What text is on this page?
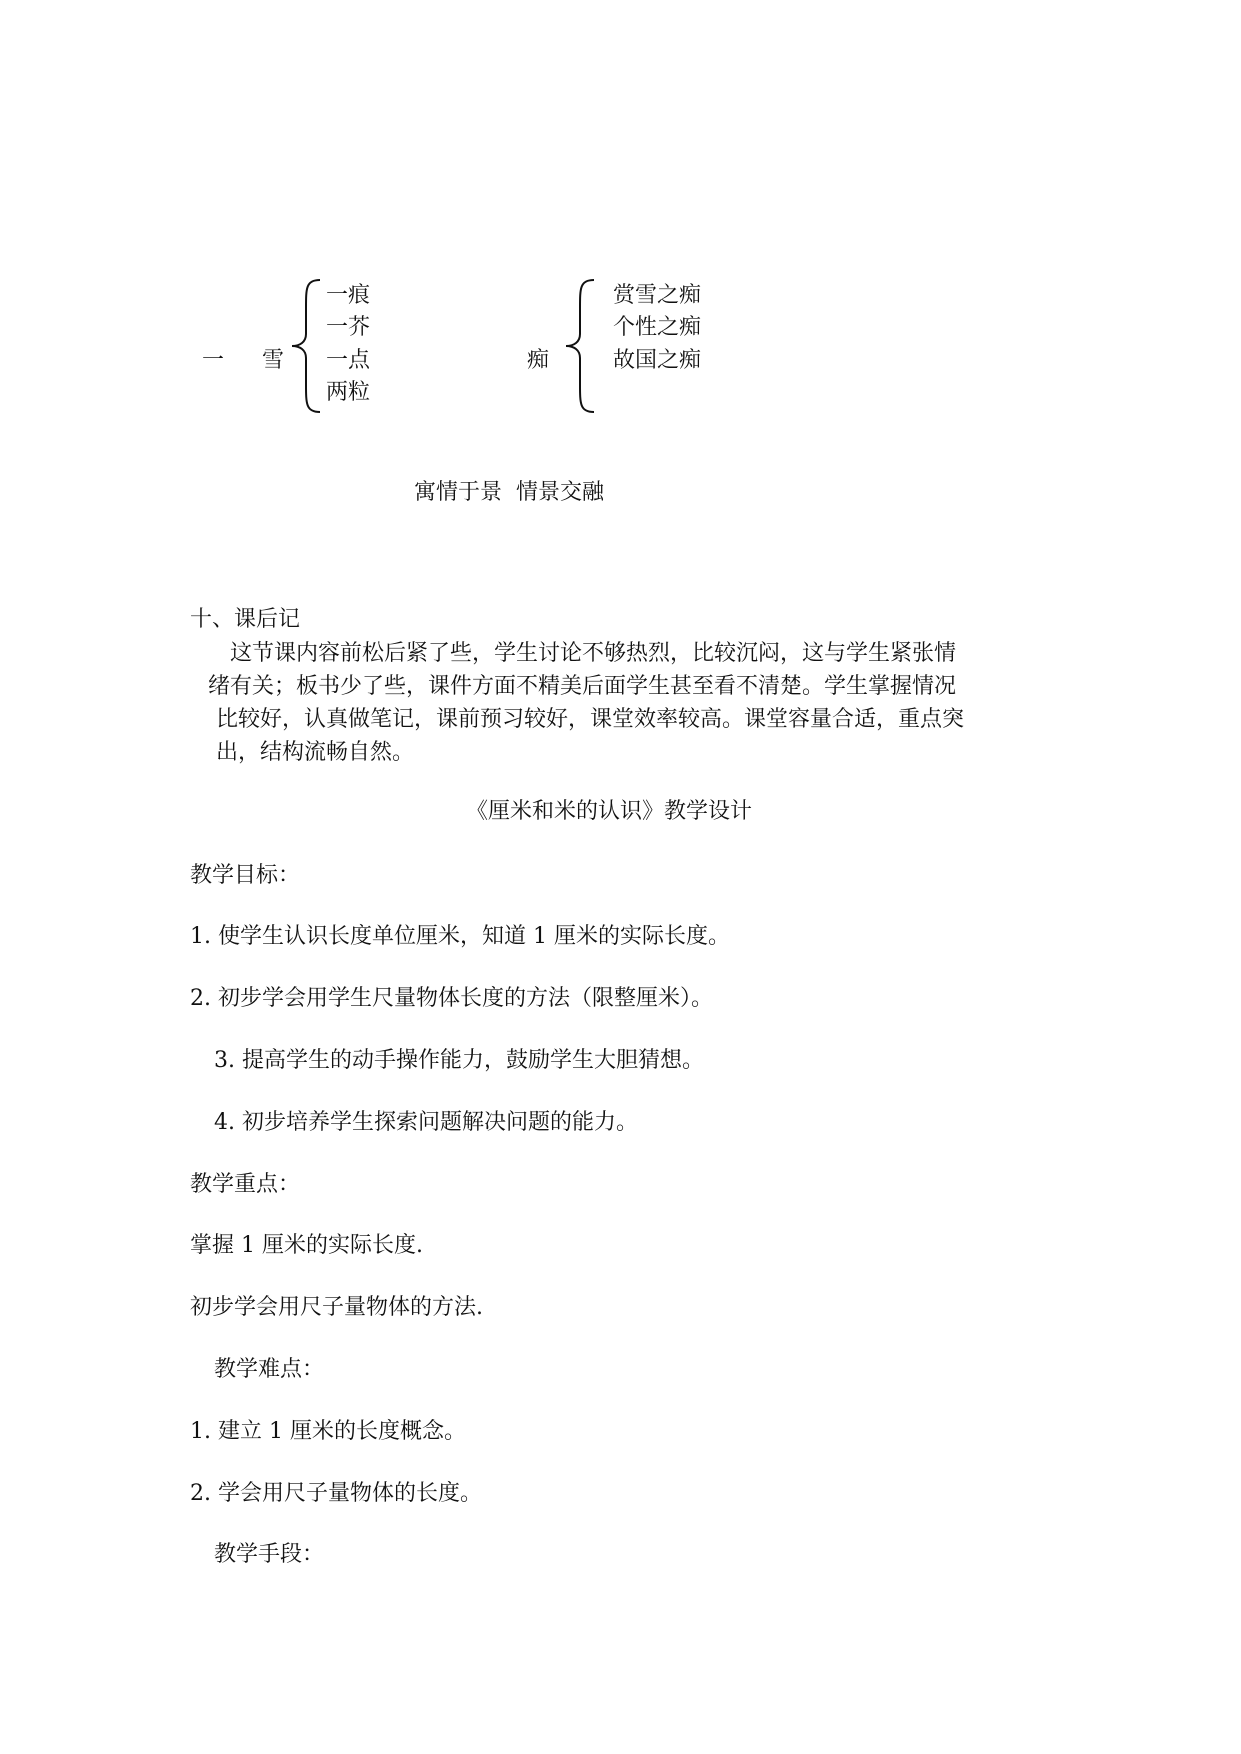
一 雪
一痕
一芥
一点
两粒
痴
赏雪之痴
个性之痴
故国之痴
寓情于景  情景交融
十、课后记
这节课内容前松后紧了些，学生讨论不够热烈，比较沉闷，这与学生紧张情
绪有关；板书少了些，课件方面不精美后面学生甚至看不清楚。学生掌握情况
比较好，认真做笔记，课前预习较好，课堂效率较高。课堂容量合适，重点突
出，结构流畅自然。
《厘米和米的认识》教学设计
教学目标：
1. 使学生认识长度单位厘米，知道 1 厘米的实际长度。
2. 初步学会用学生尺量物体长度的方法（限整厘米）。
3. 提高学生的动手操作能力，鼓励学生大胆猜想。
4. 初步培养学生探索问题解决问题的能力。
教学重点：
掌握 1 厘米的实际长度.
初步学会用尺子量物体的方法.
教学难点：
1. 建立 1 厘米的长度概念。
2. 学会用尺子量物体的长度。
教学手段：
